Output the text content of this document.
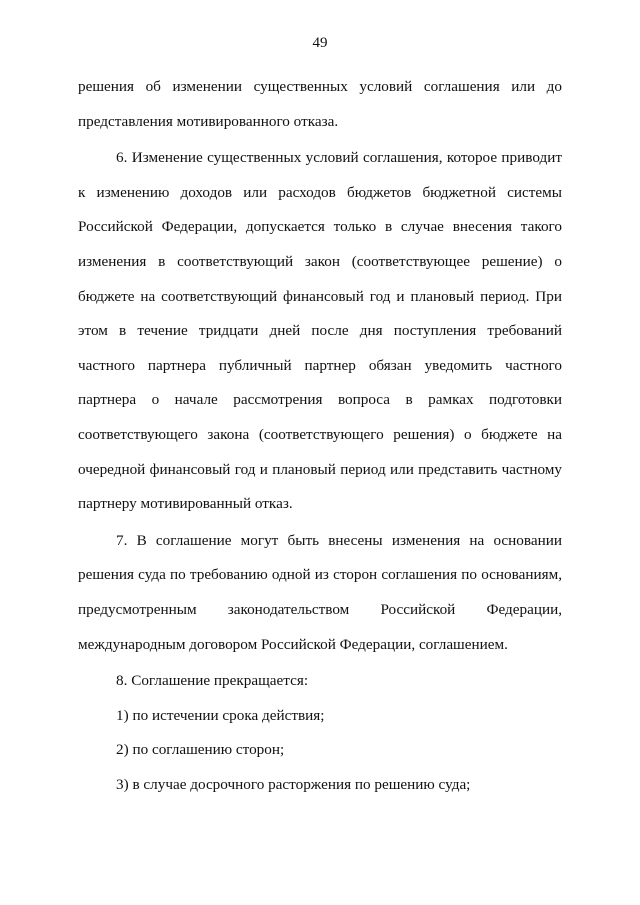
49

решения об изменении существенных условий соглашения или до представления мотивированного отказа.

6. Изменение существенных условий соглашения, которое приводит к изменению доходов или расходов бюджетов бюджетной системы Российской Федерации, допускается только в случае внесения такого изменения в соответствующий закон (соответствующее решение) о бюджете на соответствующий финансовый год и плановый период. При этом в течение тридцати дней после дня поступления требований частного партнера публичный партнер обязан уведомить частного партнера о начале рассмотрения вопроса в рамках подготовки соответствующего закона (соответствующего решения) о бюджете на очередной финансовый год и плановый период или представить частному партнеру мотивированный отказ.

7. В соглашение могут быть внесены изменения на основании решения суда по требованию одной из сторон соглашения по основаниям, предусмотренным законодательством Российской Федерации, международным договором Российской Федерации, соглашением.

8. Соглашение прекращается:

1) по истечении срока действия;

2) по соглашению сторон;

3) в случае досрочного расторжения по решению суда;
